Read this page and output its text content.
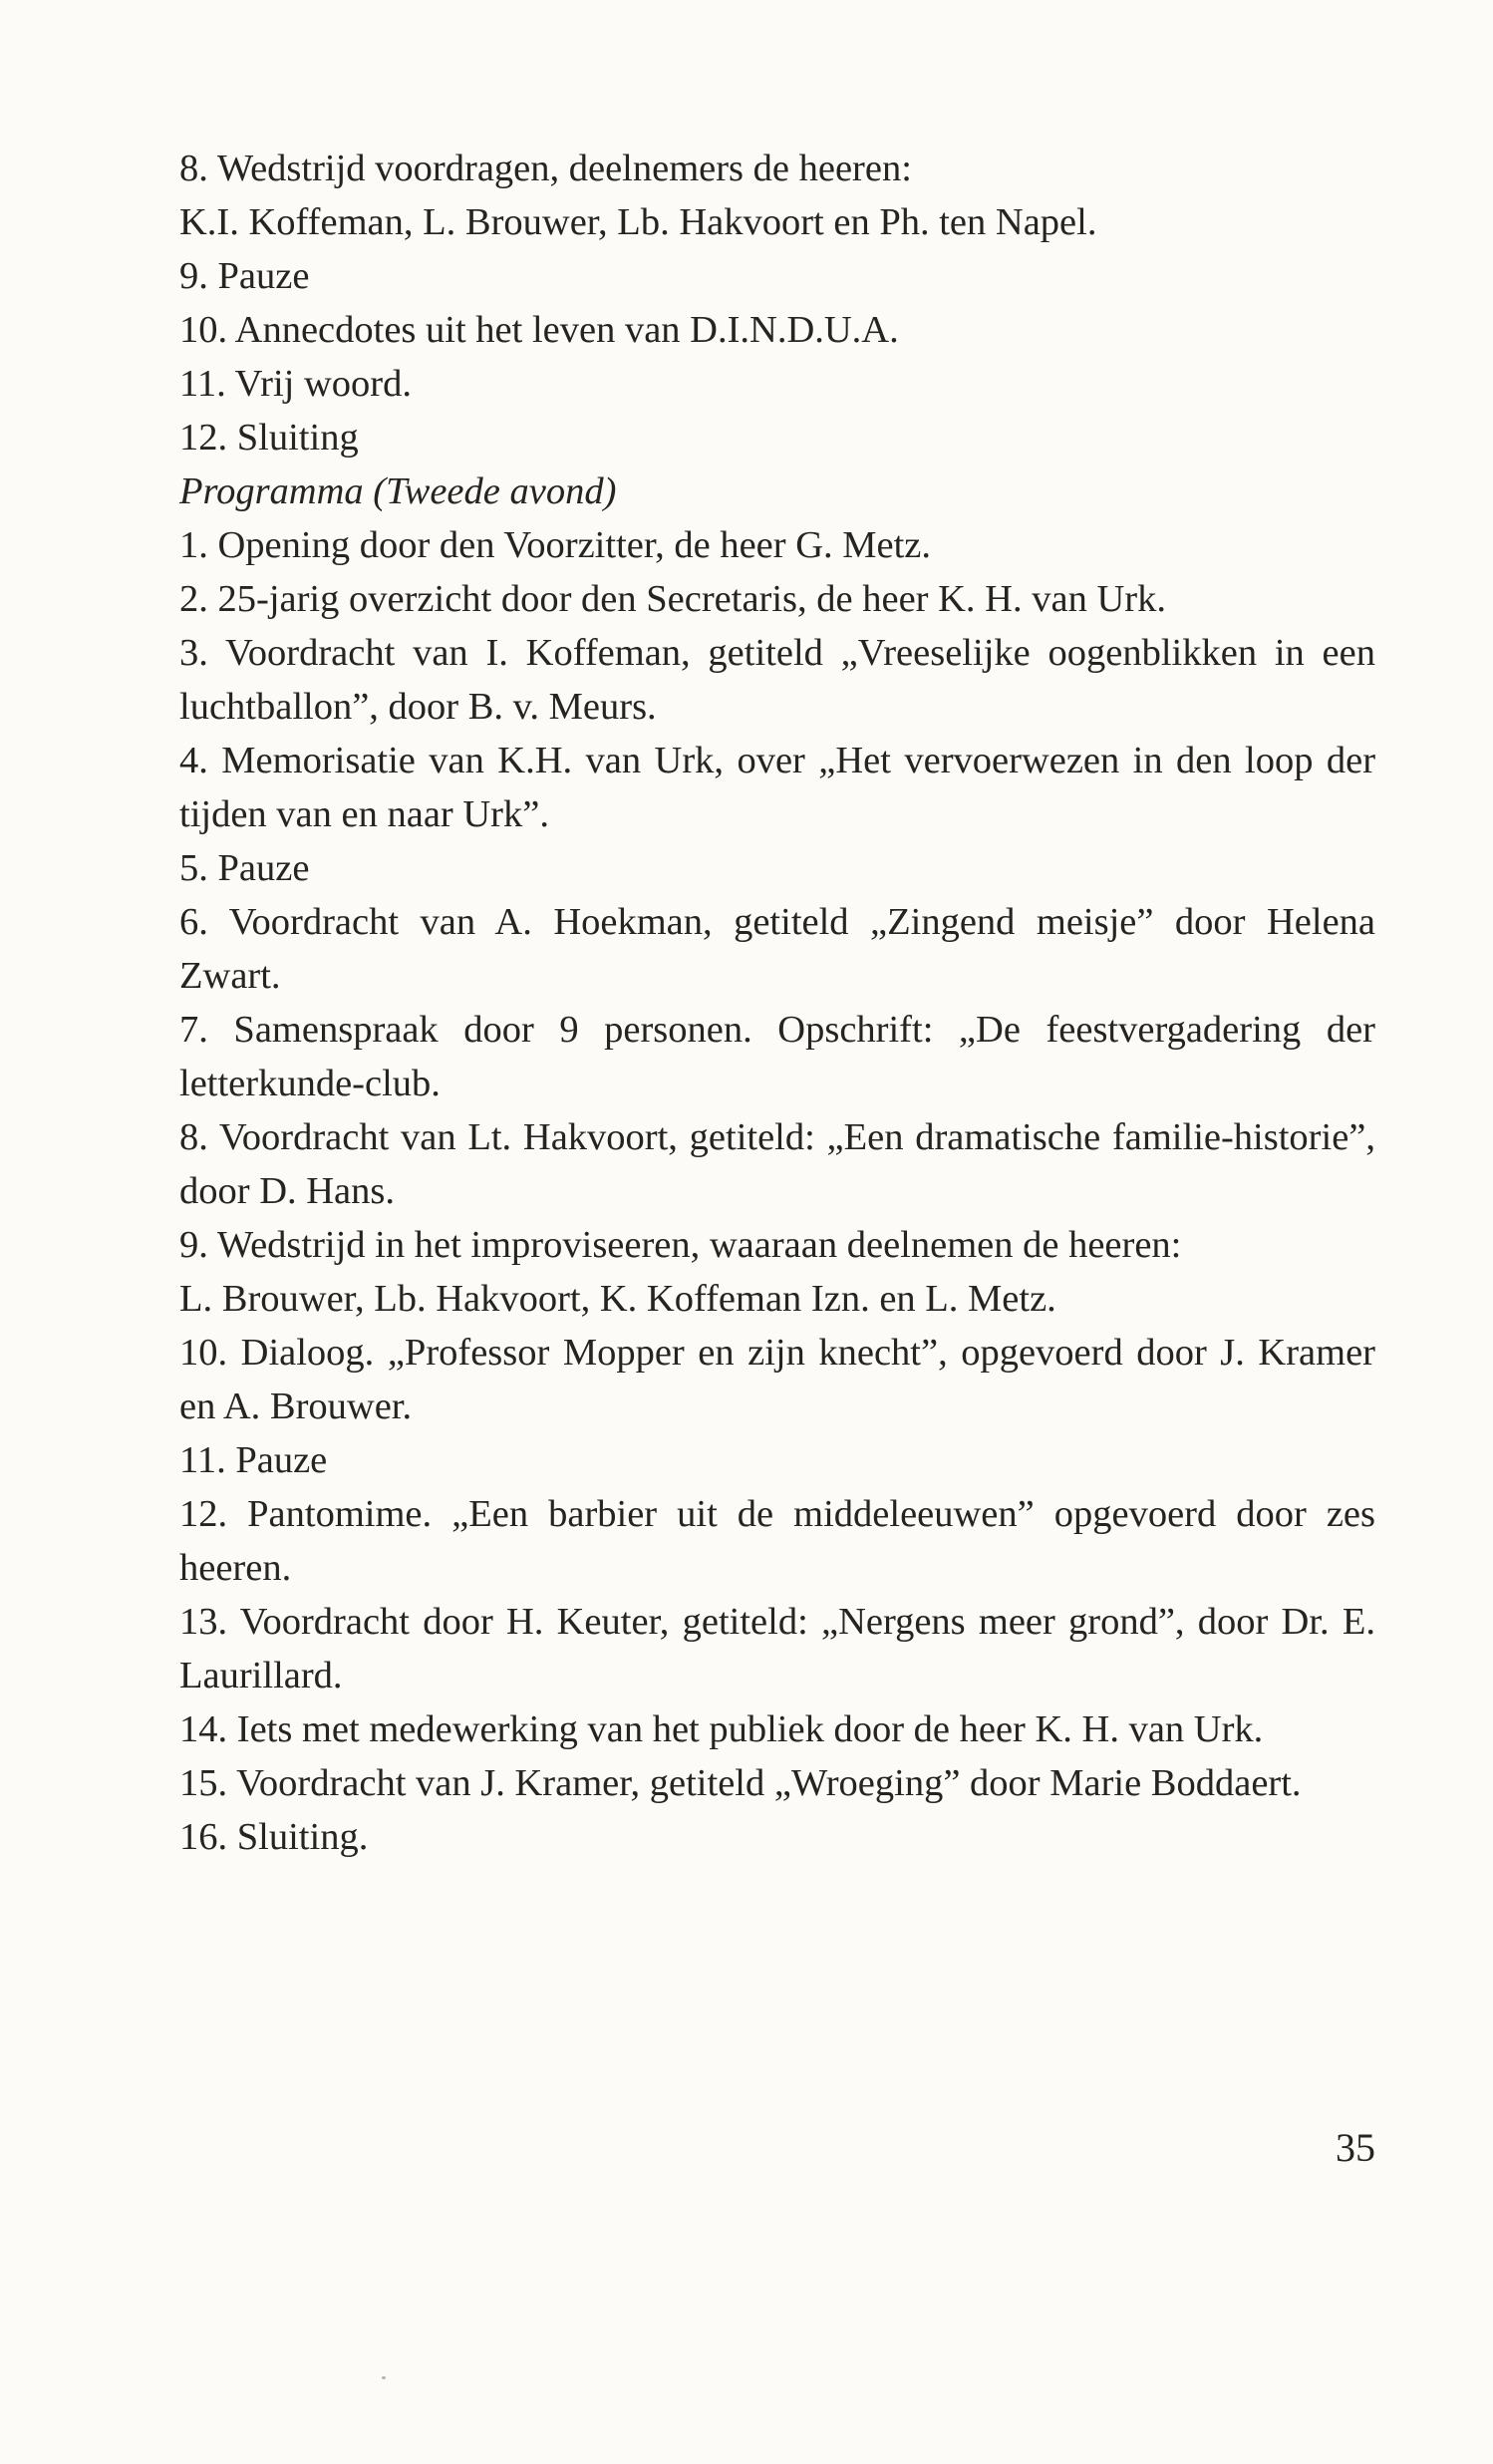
8. Wedstrijd voordragen, deelnemers de heeren:

K.I. Koffeman, L. Brouwer, Lb. Hakvoort en Ph. ten Napel.

9. Pauze

10. Annecdotes uit het leven van D.I.N.D.U.A.

11. Vrij woord.

12. Sluiting

Programma (Tweede avond)

1. Opening door den Voorzitter, de heer G. Metz.

2. 25-jarig overzicht door den Secretaris, de heer K. H. van Urk.

3. Voordracht van I. Koffeman, getiteld „Vreeselijke oogenblikken in een luchtballon”, door B. v. Meurs.

4. Memorisatie van K.H. van Urk, over „Het vervoerwezen in den loop der tijden van en naar Urk”.

5. Pauze

6. Voordracht van A. Hoekman, getiteld „Zingend meisje” door Helena Zwart.

7. Samenspraak door 9 personen. Opschrift: „De feestvergadering der letterkunde-club.

8. Voordracht van Lt. Hakvoort, getiteld: „Een dramatische familie-historie”, door D. Hans.

9. Wedstrijd in het improviseeren, waaraan deelnemen de heeren:

L. Brouwer, Lb. Hakvoort, K. Koffeman Izn. en L. Metz.

10. Dialoog. „Professor Mopper en zijn knecht”, opgevoerd door J. Kramer en A. Brouwer.

11. Pauze

12. Pantomime. „Een barbier uit de middeleeuwen” opgevoerd door zes heeren.

13. Voordracht door H. Keuter, getiteld: „Nergens meer grond”, door Dr. E. Laurillard.

14. Iets met medewerking van het publiek door de heer K. H. van Urk.

15. Voordracht van J. Kramer, getiteld „Wroeging” door Marie Boddaert.

16. Sluiting.

35
